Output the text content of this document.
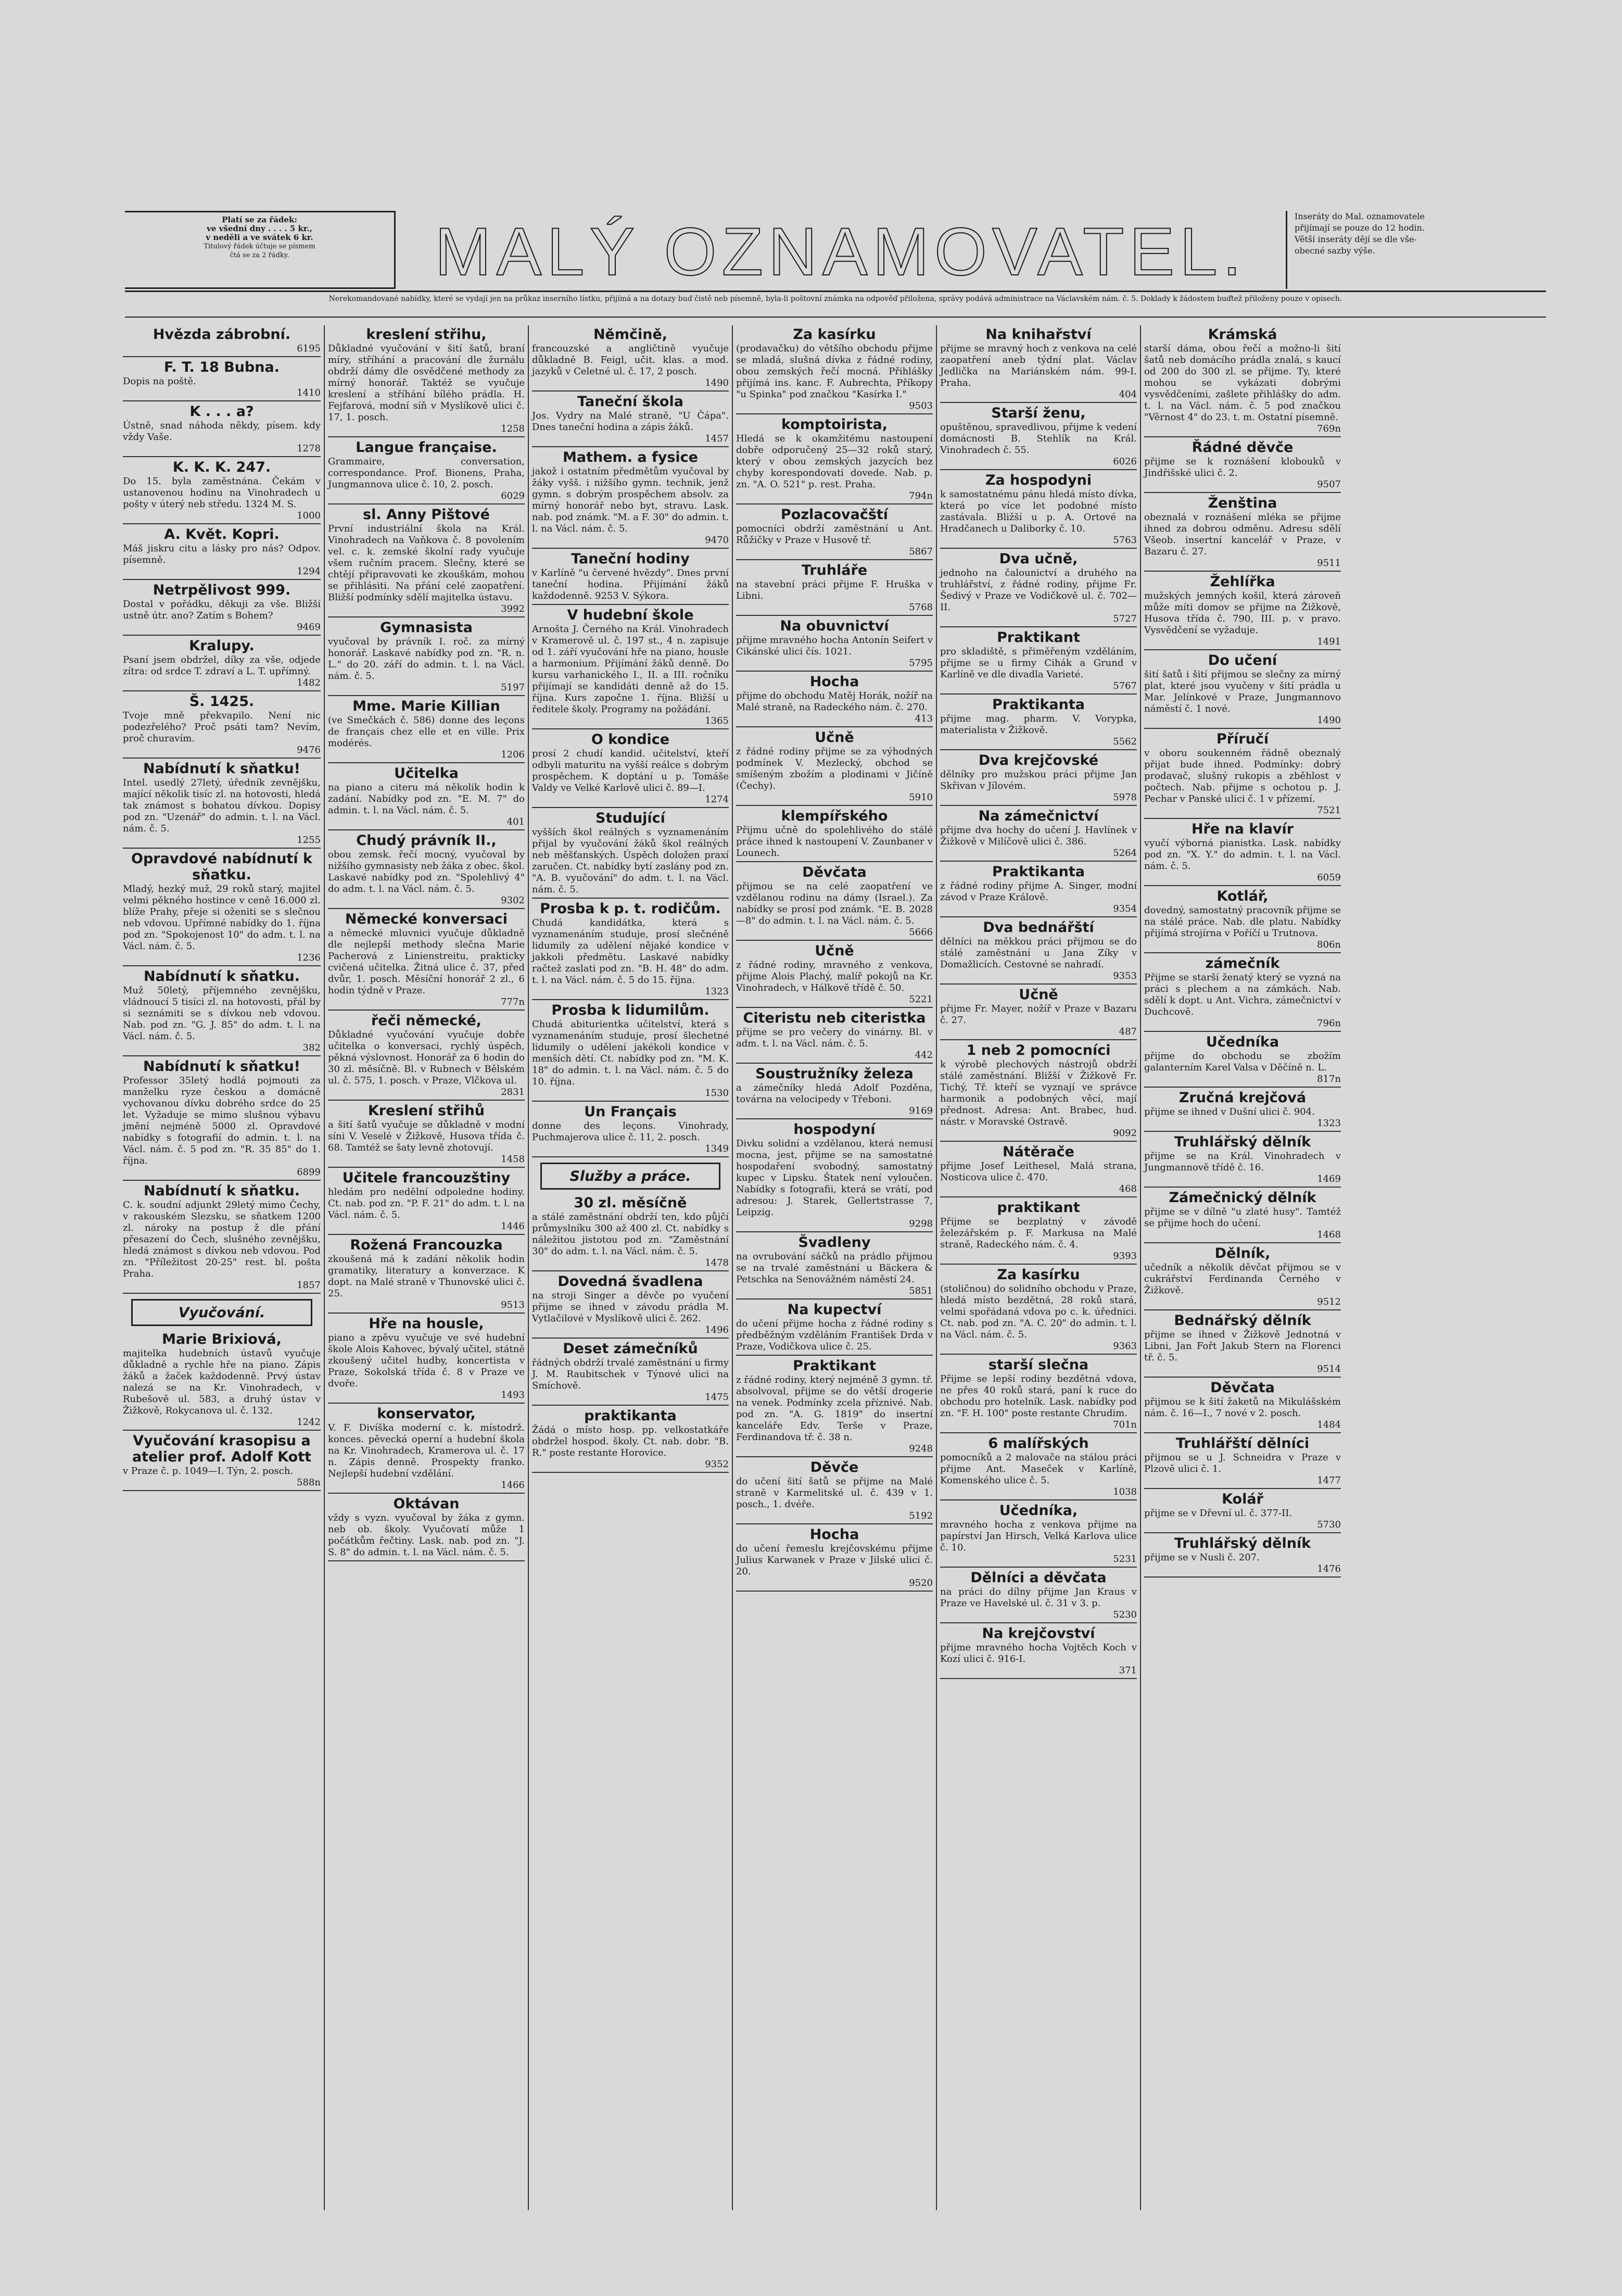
Platí se za řádek:
ve všední dny . . . . 5 kr.,
v neděli a ve svátek 6 kr.
Titulový řádek účtuje se písmem
čtá se za 2 řádky.	MALÝ OZNAMOVATEL.	Inseráty do Mal. oznamovatele
přijímají se pouze do 12 hodin.
Větší inseráty dějí se dle vše-
obecné sazby výše.
Nerekomandované nabídky, které se vydají jen na průkaz inserního lístku, přijímá a na dotazy buď čistě neb písemně, byla-li poštovní známka na odpověď přiložena, správy podává administrace na Václavském nám. č. 5. Doklady k žádostem buďtež přiloženy pouze v opisech.
Hvězda zábrobní.
6195
F. T. 18 Bubna.
Dopis na poště.
1410
K . . . a?
Ústně, snad náhoda někdy, písem. kdy vždy Vaše.
1278
K. K. K. 247.
Do 15. byla zaměstnána. Čekám v ustanovenou hodinu na Vinohradech u pošty v úterý neb středu. 1324 M. S.
1000
A. Květ. Kopri.
Máš jiskru citu a lásky pro nás? Odpov. písemně.
1294
Netrpělivost 999.
Dostal v pořádku, děkuji za vše. Bližší ustně útr. ano? Zatím s Bohem?
9469
Kralupy.
Psaní jsem obdržel, díky za vše, odjede zítra: od srdce T. zdraví a L. T. upřímný.
1482
Š. 1425.
Tvoje mně překvapilo. Není nic podezřelého? Proč psáti tam? Nevím, proč churavím.
9476
Nabídnutí k sňatku!
Intel. usedlý 27letý, úředník zevnějšku, mající několik tisíc zl. na hotovosti, hledá tak známost s bohatou dívkou. Dopisy pod zn. "Uzenář" do admin. t. l. na Václ. nám. č. 5.
1255
Opravdové nabídnutí k sňatku.
Mladý, hezký muž, 29 roků starý, majitel velmi pěkného hostince v ceně 16.000 zl. blíže Prahy, přeje si oženiti se s slečnou neb vdovou. Upřímné nabídky do 1. října pod zn. "Spokojenost 10" do adm. t. l. na Václ. nám. č. 5.
1236
Nabídnutí k sňatku.
Muž 50letý, příjemného zevnějšku, vládnoucí 5 tisíci zl. na hotovosti, přál by si seznámiti se s dívkou neb vdovou. Nab. pod zn. "G. J. 85" do adm. t. l. na Václ. nám. č. 5.
382
Nabídnutí k sňatku!
Professor 35letý hodlá pojmouti za manželku ryze českou a domácně vychovanou dívku dobrého srdce do 25 let. Vyžaduje se mimo slušnou výbavu jmění nejméně 5000 zl. Opravdové nabídky s fotografií do admin. t. l. na Václ. nám. č. 5 pod zn. "R. 35 85" do 1. října.
6899
Nabídnutí k sňatku.
C. k. soudní adjunkt 29letý mimo Čechy, v rakouském Slezsku, se sňatkem 1200 zl. nároky na postup ž dle přání přesazení do Čech, slušného zevnějšku, hledá známost s dívkou neb vdovou. Pod zn. "Příležitost 20-25" rest. bl. pošta Praha.
1857
Vyučování.
Marie Brixiová,
majitelka hudebních ústavů vyučuje důkladně a rychle hře na piano. Zápis žáků a žaček každodenně. Prvý ústav nalezá se na Kr. Vinohradech, v Rubešově ul. 583, a druhý ústav v Žižkově, Rokycanova ul. č. 132.
1242
Vyučování krasopisu a atelier prof. Adolf Kott
v Praze č. p. 1049—I. Týn, 2. posch.
588n
kreslení střihu,
Důkladné vyučování v šití šatů, braní míry, stříhání a pracování dle žurnálu obdrží dámy dle osvědčené methody za mírný honorář. Taktéž se vyučuje kreslení a stříhání bílého prádla. H. Fejfarová, modní síň v Myslíkově ulici č. 17, 1. posch.
1258
Langue française.
Grammaire, conversation, correspondance. Prof. Bionens, Praha, Jungmannova ulice č. 10, 2. posch.
6029
sl. Anny Pištové
První industriální škola na Král. Vinohradech na Vaňkova č. 8 povolením vel. c. k. zemské školní rady vyučuje všem ručním pracem. Slečny, které se chtějí připravovati ke zkouškám, mohou se přihlásiti. Na přání celé zaopatření. Bližší podmínky sdělí majitelka ústavu.
3992
Gymnasista
vyučoval by právník I. roč. za mírný honorář. Laskavé nabídky pod zn. "R. n. L." do 20. září do admin. t. l. na Václ. nám. č. 5.
5197
Mme. Marie Killian
(ve Smečkách č. 586) donne des leçons de français chez elle et en ville. Prix modérés.
1206
Učitelka
na piano a citeru má několik hodin k zadání. Nabídky pod zn. "E. M. 7" do admin. t. l. na Václ. nám. č. 5.
401
Chudý právník II.,
obou zemsk. řečí mocný, vyučoval by nižšího gymnasisty neb žáka z obec. škol. Laskavé nabídky pod zn. "Spolehlivý 4" do adm. t. l. na Václ. nám. č. 5.
9302
Německé konversaci
a německé mluvnici vyučuje důkladně dle nejlepší methody slečna Marie Pacherová z Linienstreitu, prakticky cvičená učitelka. Žitná ulice č. 37, před dvůr, 1. posch. Měsíční honorář 2 zl., 6 hodin týdně v Praze.
777n
řeči německé,
Důkladné vyučování vyučuje dobře učitelka o konversaci, rychlý úspěch, pěkná výslovnost. Honorář za 6 hodin do 30 zl. měsíčně. Bl. v Rubnech v Bělském ul. č. 575, 1. posch. v Praze, Vlčkova ul.
2831
Kreslení střihů
a šití šatů vyučuje se důkladně v modní síni V. Veselé v Žižkově, Husova třída č. 68. Tamtéž se šaty levně zhotovují.
1458
Učitele francouzštiny
hledám pro nedělní odpoledne hodiny. Ct. nab. pod zn. "P. F. 21" do adm. t. l. na Václ. nám. č. 5.
1446
Rožená Francouzka
zkoušená má k zadání několik hodin gramatiky, literatury a konverzace. K dopt. na Malé straně v Thunovské ulici č. 25.
9513
Hře na housle,
piano a zpěvu vyučuje ve své hudební škole Alois Kahovec, bývalý učitel, státně zkoušený učitel hudby, koncertista v Praze, Sokolská třída č. 8 v Praze ve dvoře.
1493
konservator,
V. F. Divíška moderní c. k. místodrž. konces. pěvecká operní a hudební škola na Kr. Vinohradech, Kramerova ul. č. 17 n. Zápis denně. Prospekty franko. Nejlepší hudební vzdělání.
1466
Oktávan
vždy s vyzn. vyučoval by žáka z gymn. neb ob. školy. Vyučovatí může 1 počátkům řečtiny. Lask. nab. pod zn. "J. S. 8" do admin. t. l. na Václ. nám. č. 5.
Němčině,
francouzské a angličtině vyučuje důkladně B. Feigl, učit. klas. a mod. jazyků v Celetné ul. č. 17, 2 posch.
1490
Taneční škola
Jos. Vydry na Malé straně, "U Čápa". Dnes taneční hodina a zápis žáků.
1457
Mathem. a fysice
jakož i ostatním předmětům vyučoval by žáky vyšš. i nižšího gymn. technik, jenž gymn. s dobrým prospěchem absolv. za mírný honorář nebo byt, stravu. Lask. nab. pod známk. "M. a F. 30" do admin. t. l. na Václ. nám. č. 5.
9470
Taneční hodiny
v Karlíně "u červené hvězdy". Dnes první taneční hodina. Přijímání žáků každodenně. 9253 V. Sýkora.
V hudební škole
Arnošta J. Černého na Král. Vinohradech v Kramerově ul. č. 197 st., 4 n. zapisuje od 1. září vyučování hře na piano, housle a harmonium. Přijímání žáků denně. Do kursu varhanického I., II. a III. ročníku přijímají se kandidáti denně až do 15. října. Kurs započne 1. října. Bližší u ředitele školy. Programy na požádání.
1365
O kondice
prosí 2 chudí kandid. učitelství, kteří odbyli maturitu na vyšší reálce s dobrým prospěchem. K doptání u p. Tomáše Valdy ve Velké Karlově ulici č. 89—I.
1274
Studující
vyšších škol reálných s vyznamenáním přijal by vyučování žáků škol reálných neb měšťanských. Úspěch doložen praxí zaručen. Ct. nabídky bytí zaslány pod zn. "A. B. vyučování" do adm. t. l. na Václ. nám. č. 5.
Prosba k p. t. rodičům.
Chudá kandidátka, která s vyznamenáním studuje, prosí slečnéně lidumily za udělení nějaké kondice v jakkoli předmětu. Laskavé nabídky račtež zaslati pod zn. "B. H. 48" do adm. t. l. na Václ. nám. č. 5 do 15. října.
1323
Prosba k lidumilům.
Chudá abiturientka učitelství, která s vyznamenáním studuje, prosí šlechetné lidumily o udělení jakékoli kondice v menších dětí. Ct. nabídky pod zn. "M. K. 18" do admin. t. l. na Václ. nám. č. 5 do 10. října.
1530
Un Français
donne des leçons. Vinohrady, Puchmajerova ulice č. 11, 2. posch.
1349
Služby a práce.
30 zl. měsíčně
a stálé zaměstnání obdrží ten, kdo půjčí průmyslníku 300 až 400 zl. Ct. nabídky s náležitou jistotou pod zn. "Zaměstnání 30" do adm. t. l. na Václ. nám. č. 5.
1478
Dovedná švadlena
na stroji Singer a děvče po vyučení přijme se ihned v závodu prádla M. Vytlačilové v Myslíkově ulici č. 262.
1496
Deset zámečníků
řádných obdrží trvalé zaměstnání u firmy J. M. Raubitschek v Týnové ulici na Smíchově.
1475
praktikanta
Žádá o místo hosp. pp. velkostatkáře obdržel hospod. školy. Ct. nab. dobr. "B. R." poste restante Horovice.
9352
Za kasírku
(prodavačku) do většího obchodu přijme se mladá, slušná dívka z řádné rodiny, obou zemských řečí mocná. Přihlášky přijímá ins. kanc. F. Aubrechta, Příkopy "u Spinka" pod značkou "Kasírka I."
9503
komptoirista,
Hledá se k okamžitému nastoupení dobře odporučený 25—32 roků starý, který v obou zemských jazycích bez chyby korespondovati dovede. Nab. p. zn. "A. O. 521" p. rest. Praha.
794n
Pozlacovačští
pomocníci obdrží zaměstnání u Ant. Růžičky v Praze v Husově tř.
5867
Truhláře
na stavební práci přijme F. Hruška v Libni.
5768
Na obuvnictví
přijme mravného hocha Antonín Seifert v Cikánské ulici čís. 1021.
5795
Hocha
přijme do obchodu Matěj Horák, nožíř na Malé straně, na Radeckého nám. č. 270.
413
Učně
z řádné rodiny přijme se za výhodných podmínek V. Mezlecký, obchod se smíšeným zbožím a plodinami v Jičíně (Čechy).
5910
klempířského
Přijmu učně do spolehlivého do stálé práce ihned k nastoupení V. Zaunbaner v Lounech.
Děvčata
přijmou se na celé zaopatření ve vzdělanou rodinu na dámy (Israel.). Za nabídky se prosí pod známk. "E. B. 2028—8" do admin. t. l. na Václ. nám. č. 5.
5666
Učně
z řádné rodiny, mravného z venkova, přijme Alois Plachý, malíř pokojů na Kr. Vinohradech, v Hálkově třídě č. 50.
5221
Citeristu neb citeristka
přijme se pro večery do vinárny. Bl. v adm. t. l. na Václ. nám. č. 5.
442
Soustružníky železa
a zámečníky hledá Adolf Pozděna, továrna na velocipedy v Třeboni.
9169
hospodyní
Divku solidní a vzdělanou, která nemusí mocna, jest, přijme se na samostatné hospodaření svobodný, samostatný kupec v Lipsku. Štatek není vyloučen. Nabídky s fotografii, která se vrátí, pod adresou: J. Starek, Gellertstrasse 7, Leipzig.
9298
Švadleny
na ovrubování sáčků na prádlo přijmou se na trvalé zaměstnání u Bäckera & Petschka na Senovážném náměstí 24.
5851
Na kupectví
do učení přijme hocha z řádné rodiny s předběžným vzděláním František Drda v Praze, Vodičkova ulice č. 25.
Praktikant
z řádné rodiny, který nejméně 3 gymn. tř. absolvoval, přijme se do větší drogerie na venek. Podmínky zcela příznivé. Nab. pod zn. "A. G. 1819" do insertní kanceláře Edv. Terše v Praze, Ferdinandova tř. č. 38 n.
9248
Děvče
do učení šití šatů se přijme na Malé straně v Karmelitské ul. č. 439 v 1. posch., 1. dvéře.
5192
Hocha
do učení řemeslu krejčovskému přijme Julius Karwanek v Praze v Jilské ulici č. 20.
9520
Na knihařství
přijme se mravný hoch z venkova na celé zaopatření aneb týdní plat. Václav Jedlička na Mariánském nám. 99-I. Praha.
404
Starší ženu,
opuštěnou, spravedlivou, přijme k vedení domácnosti B. Stehlík na Král. Vinohradech č. 55.
6026
Za hospodyni
k samostatnému pánu hledá místo dívka, která po více let podobné místo zastávala. Bližší u p. A. Ortové na Hradčanech u Daliborky č. 10.
5763
Dva učně,
jednoho na čalounictví a druhého na truhlářství, z řádné rodiny, přijme Fr. Šedivý v Praze ve Vodičkově ul. č. 702—II.
5727
Praktikant
pro skladiště, s přiměřeným vzděláním, přijme se u firmy Cihák a Grund v Karlíně ve dle divadla Varieté.
5767
Praktikanta
přijme mag. pharm. V. Vorypka, materialista v Žižkově.
5562
Dva krejčovské
dělníky pro mužskou práci přijme Jan Skřivan v Jílovém.
5978
Na zámečnictví
přijme dva hochy do učení J. Havlínek v Žižkově v Milíčově ulici č. 386.
5264
Praktikanta
z řádné rodiny přijme A. Singer, modní závod v Praze Králově.
9354
Dva bednářští
dělníci na měkkou práci přijmou se do stálé zaměstnání u Jana Zíky v Domažlicích. Cestovné se nahradí.
9353
Učně
přijme Fr. Mayer, nožíř v Praze v Bazaru č. 27.
487
1 neb 2 pomocníci
k výrobě plechových nástrojů obdrží stálé zaměstnání. Bližší v Žižkově Fr. Tichý, Tř. kteří se vyznají ve správce harmonik a podobných věcí, mají přednost. Adresa: Ant. Brabec, hud. nástr. v Moravské Ostravě.
9092
Nátěrače
přijme Josef Leithesel, Malá strana, Nosticova ulice č. 470.
468
praktikant
Přijme se bezplatný v závodě železářském p. F. Markusa na Malé straně, Radeckého nám. č. 4.
9393
Za kasírku
(stoličnou) do solidního obchodu v Praze, hledá místo bezdětná, 28 roků stará, velmi spořádaná vdova po c. k. úřednici. Ct. nab. pod zn. "A. C. 20" do admin. t. l. na Václ. nám. č. 5.
9363
starší slečna
Přijme se lepší rodiny bezdětná vdova, ne přes 40 roků stará, paní k ruce do obchodu pro hotelník. Lask. nabídky pod zn. "F. H. 100" poste restante Chrudim.
701n
6 malířských
pomocníků a 2 malovače na stálou práci přijme Ant. Maseček v Karlíně, Komenského ulice č. 5.
1038
Učedníka,
mravného hocha z venkova přijme na papírství Jan Hirsch, Velká Karlova ulice č. 10.
5231
Dělníci a děvčata
na práci do dílny přijme Jan Kraus v Praze ve Havelské ul. č. 31 v 3. p.
5230
Na krejčovství
přijme mravného hocha Vojtěch Koch v Kozí ulici č. 916-I.
371
Krámská
starší dáma, obou řečí a možno-li šití šatů neb domácího prádla znalá, s kaucí od 200 do 300 zl. se přijme. Ty, které mohou se vykázati dobrými vysvědčeními, zašlete přihlášky do adm. t. l. na Václ. nám. č. 5 pod značkou "Věrnost 4" do 23. t. m. Ostatní písemně.
769n
Řádné děvče
přijme se k roznášení klobouků v Jindřišské ulici č. 2.
9507
Ženština
obeznalá v roznášení mléka se přijme ihned za dobrou odměnu. Adresu sdělí Všeob. insertní kancelář v Praze, v Bazaru č. 27.
9511
Žehlířka
mužských jemných košil, která zároveň může míti domov se přijme na Žižkově, Husova třída č. 790, III. p. v pravo. Vysvědčení se vyžaduje.
1491
Do učení
šití šatů i šití přijmou se slečny za mírný plat, které jsou vyučeny v šití prádla u Mar. Jelínkové v Praze, Jungmannovo náměstí č. 1 nové.
1490
Příručí
v oboru soukenném řádně obeznalý přijat bude ihned. Podmínky: dobrý prodavač, slušný rukopis a zběhlost v počtech. Nab. přijme s ochotou p. J. Pechar v Panské ulici č. 1 v přízemí.
7521
Hře na klavír
vyučí výborná pianistka. Lask. nabídky pod zn. "X. Y." do admin. t. l. na Václ. nám. č. 5.
6059
Kotlář,
dovedný, samostatný pracovník přijme se na stálé práce. Nab. dle platu. Nabídky přijímá strojírna v Poříčí u Trutnova.
806n
zámečník
Přijme se starší ženatý který se vyzná na práci s plechem a na zámkách. Nab. sdělí k dopt. u Ant. Vichra, zámečnictví v Duchcově.
796n
Učedníka
přijme do obchodu se zbožím galanterním Karel Valsa v Děčíně n. L.
817n
Zručná krejčová
přijme se ihned v Dušní ulici č. 904.
1323
Truhlářský dělník
přijme se na Král. Vinohradech v Jungmannově třídě č. 16.
1469
Zámečnický dělník
přijme se v dílně "u zlaté husy". Tamtéž se přijme hoch do učení.
1468
Dělník,
učedník a několik děvčat přijmou se v cukrářství Ferdinanda Černého v Žižkově.
9512
Bednářský dělník
přijme se ihned v Žižkově Jednotná v Libni, Jan Fořt Jakub Stern na Florenci tř. č. 5.
9514
Děvčata
přijmou se k šití žaketů na Mikulášském nám. č. 16—I., 7 nové v 2. posch.
1484
Truhlářští dělníci
přijmou se u J. Schneidra v Praze v Plzově ulici č. 1.
1477
Kolář
přijme se v Dřevní ul. č. 377-II.
5730
Truhlářský dělník
přijme se v Nusli č. 207.
1476
